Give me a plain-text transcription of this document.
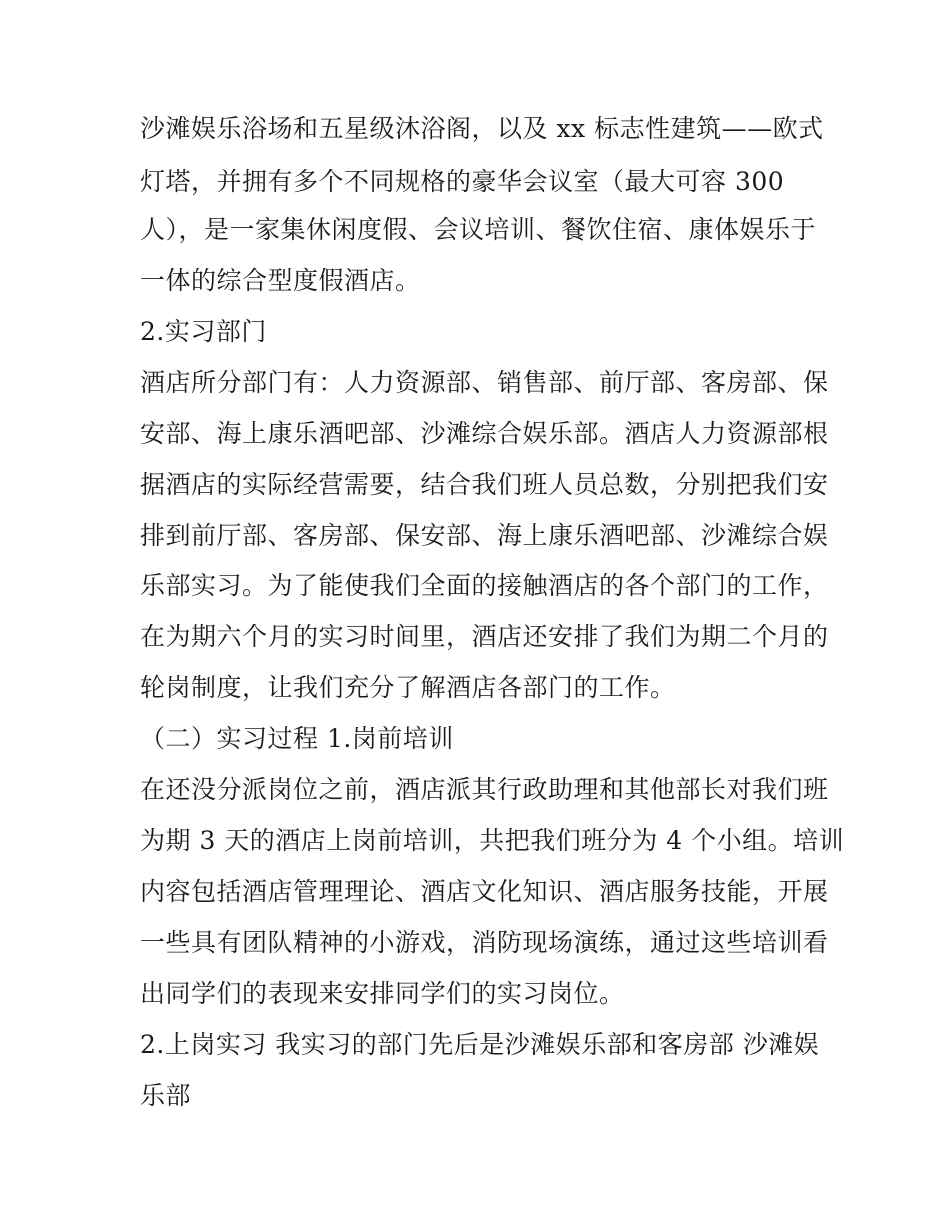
沙滩娱乐浴场和五星级沐浴阁，以及 xx 标志性建筑——欧式
灯塔，并拥有多个不同规格的豪华会议室（最大可容 300
人），是一家集休闲度假、会议培训、餐饮住宿、康体娱乐于
一体的综合型度假酒店。
2.实习部门
酒店所分部门有：人力资源部、销售部、前厅部、客房部、保
安部、海上康乐酒吧部、沙滩综合娱乐部。酒店人力资源部根
据酒店的实际经营需要，结合我们班人员总数，分别把我们安
排到前厅部、客房部、保安部、海上康乐酒吧部、沙滩综合娱
乐部实习。为了能使我们全面的接触酒店的各个部门的工作，
在为期六个月的实习时间里，酒店还安排了我们为期二个月的
轮岗制度，让我们充分了解酒店各部门的工作。
（二）实习过程 1.岗前培训
在还没分派岗位之前，酒店派其行政助理和其他部长对我们班
为期 3 天的酒店上岗前培训，共把我们班分为 4 个小组。培训
内容包括酒店管理理论、酒店文化知识、酒店服务技能，开展
一些具有团队精神的小游戏，消防现场演练，通过这些培训看
出同学们的表现来安排同学们的实习岗位。
2.上岗实习 我实习的部门先后是沙滩娱乐部和客房部 沙滩娱
乐部
